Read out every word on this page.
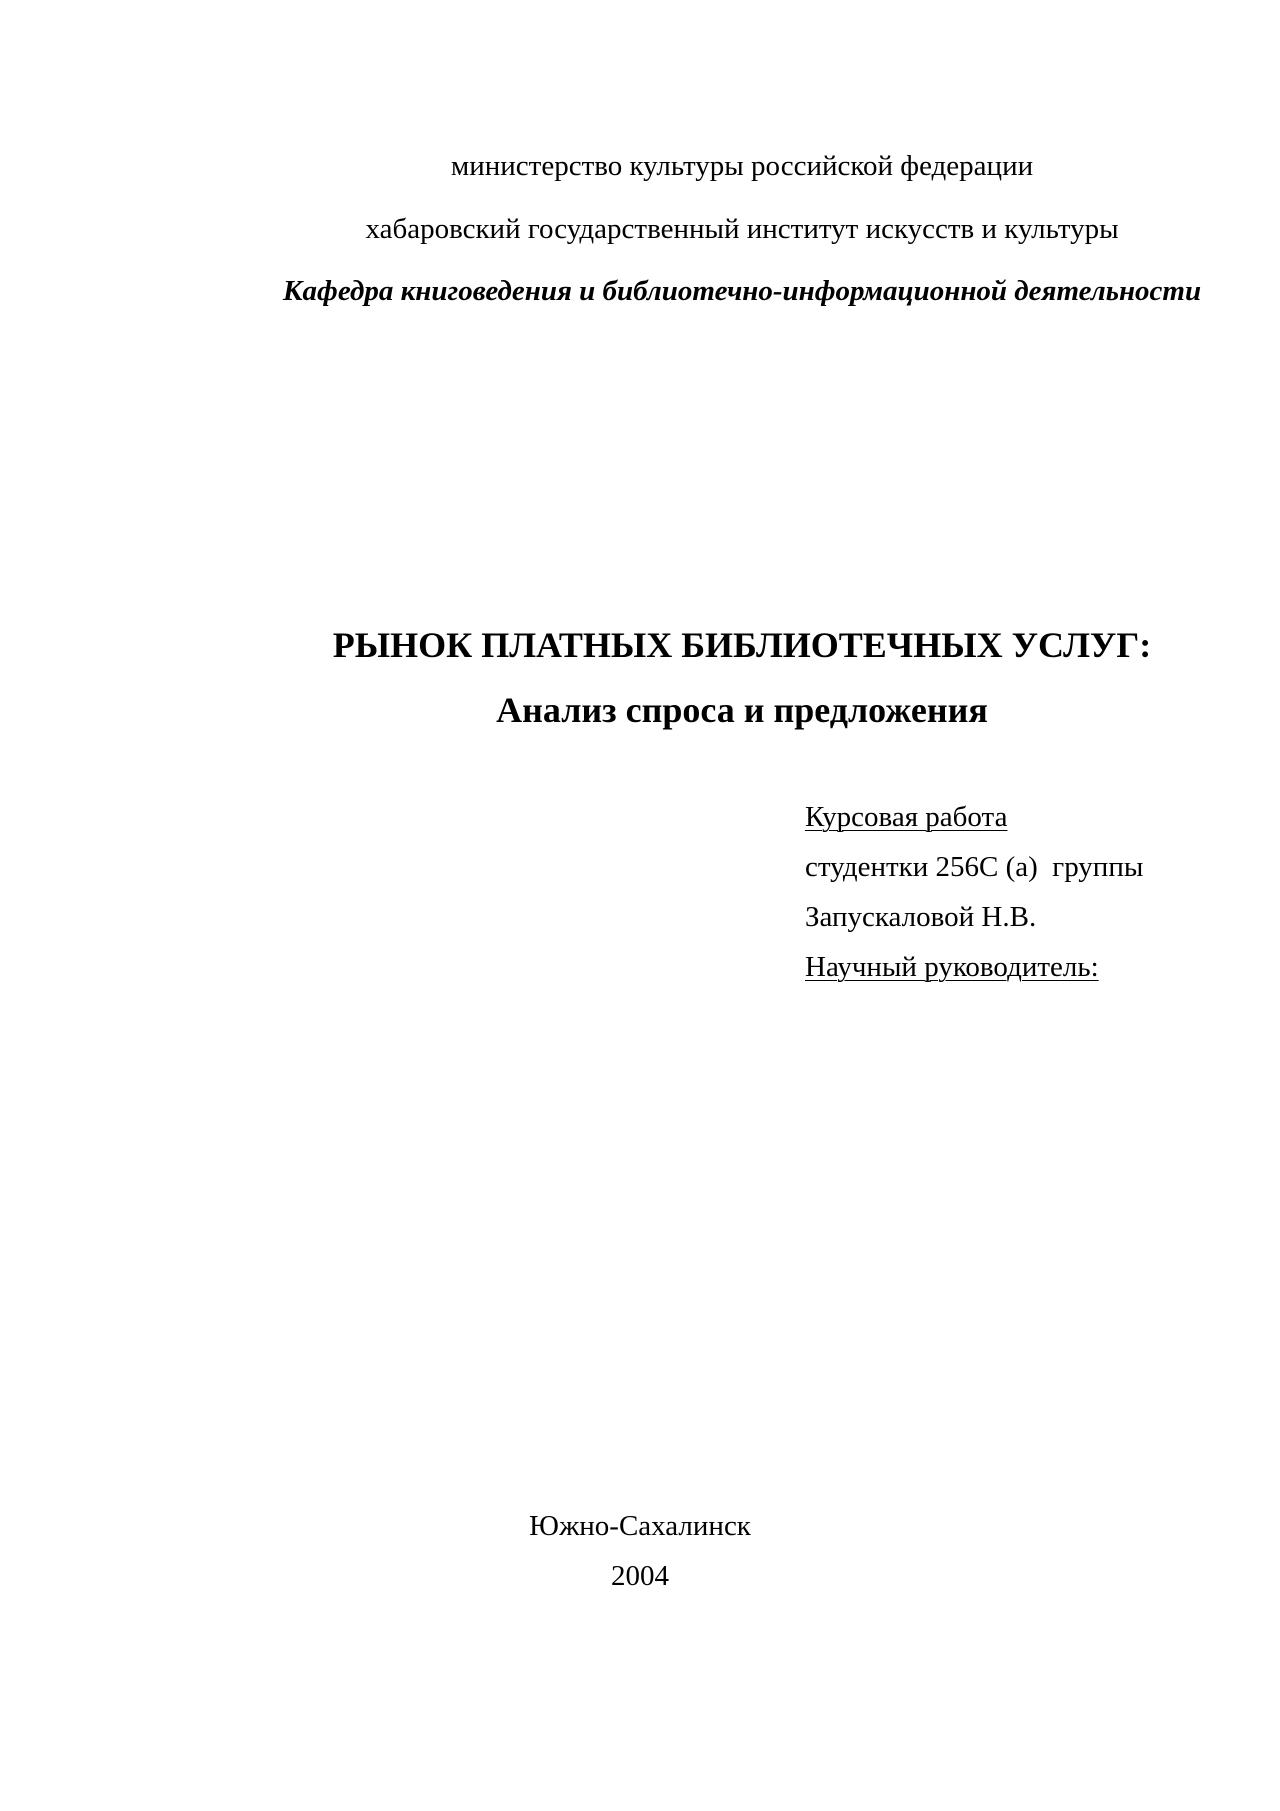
министерство культуры российской федерации
хабаровский государственный институт искусств и культуры
Кафедра книговедения и библиотечно-информационной деятельности
РЫНОК ПЛАТНЫХ БИБЛИОТЕЧНЫХ УСЛУГ:
Анализ спроса и предложения
Курсовая работа
студентки 256С (а)  группы
Запускаловой Н.В.
Научный руководитель:
Южно-Сахалинск
2004
